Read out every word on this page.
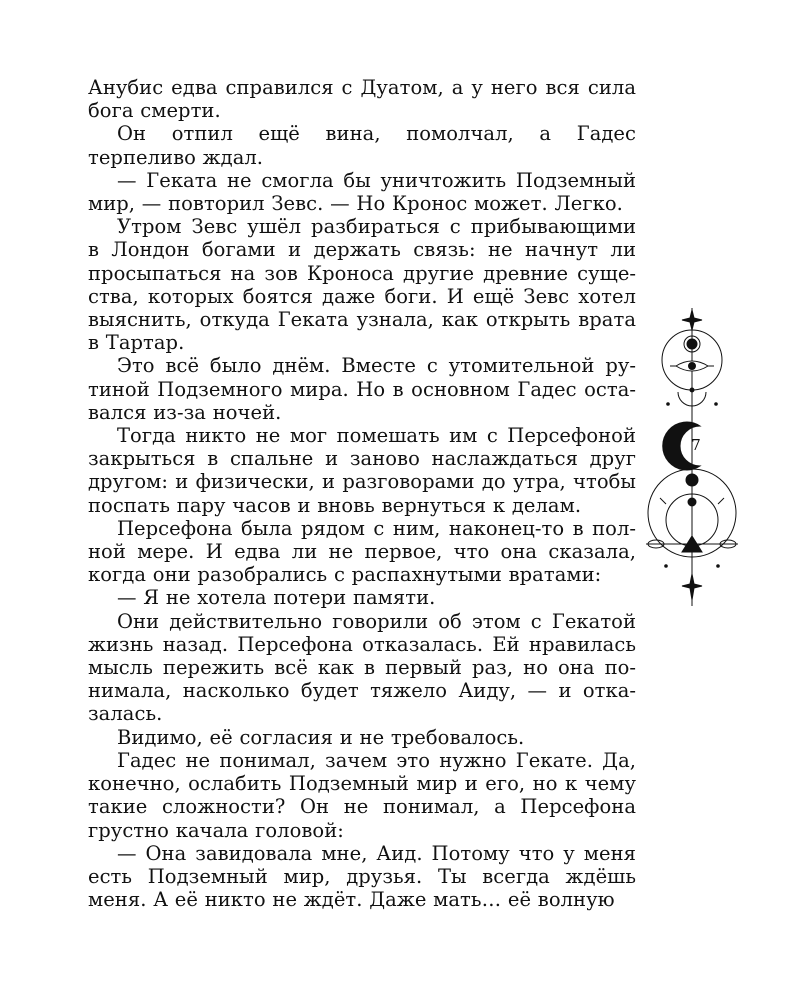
Анубис едва справился с Дуатом, а у него вся сила бога смерти.

Он отпил ещё вина, помолчал, а Гадес терпеливо ждал.

— Геката не смогла бы уничтожить Подземный мир, — повторил Зевс. — Но Кронос может. Легко.

Утром Зевс ушёл разбираться с прибывающими в Лондон богами и держать связь: не начнут ли просыпаться на зов Кроноса другие древние существа, которых боятся даже боги. И ещё Зевс хотел выяснить, откуда Геката узнала, как открыть врата в Тартар.

Это всё было днём. Вместе с утомительной рутиной Подземного мира. Но в основном Гадес оставался из-за ночей.

Тогда никто не мог помешать им с Персефоной закрыться в спальне и заново наслаждаться друг другом: и физически, и разговорами до утра, чтобы поспать пару часов и вновь вернуться к делам.

Персефона была рядом с ним, наконец-то в полной мере. И едва ли не первое, что она сказала, когда они разобрались с распахнутыми вратами:

— Я не хотела потери памяти.

Они действительно говорили об этом с Гекатой жизнь назад. Персефона отказалась. Ей нравилась мысль пережить всё как в первый раз, но она понимала, насколько будет тяжело Аиду, — и отказалась.

Видимо, её согласия и не требовалось.

Гадес не понимал, зачем это нужно Гекате. Да, конечно, ослабить Подземный мир и его, но к чему такие сложности? Он не понимал, а Персефона грустно качала головой:

— Она завидовала мне, Аид. Потому что у меня есть Подземный мир, друзья. Ты всегда ждёшь меня. А её никто не ждёт. Даже мать… её волную

7
